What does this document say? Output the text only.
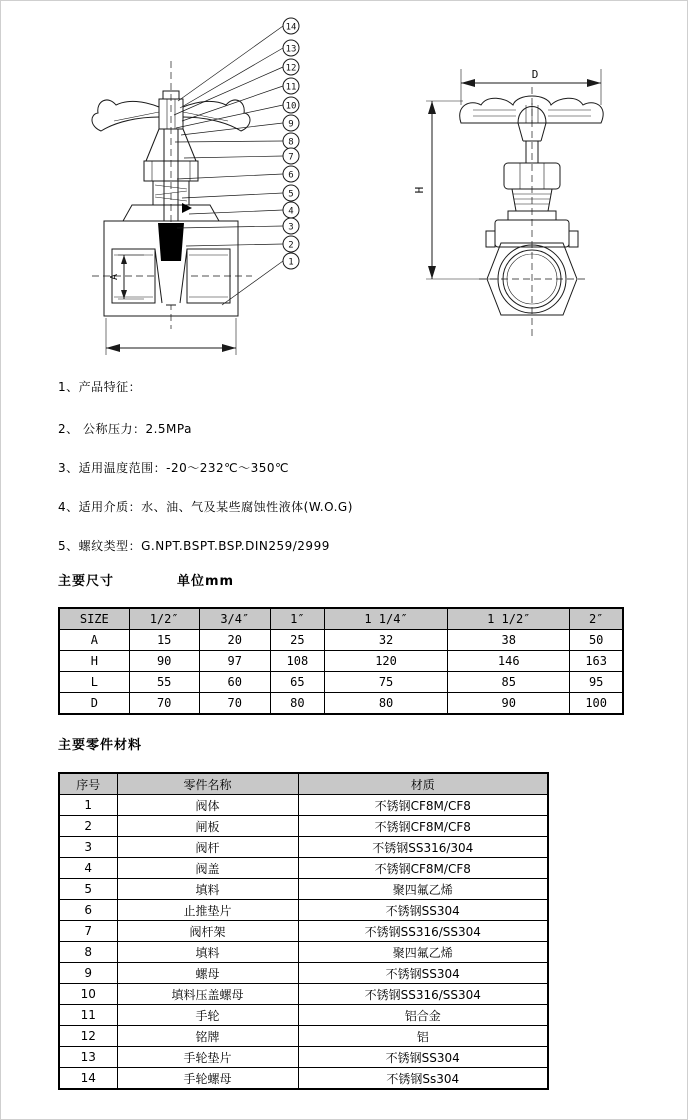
A
14
13
12
11
10
9
8
7
6
5
4
3
2
1
D
H
1、产品特征：
2、 公称压力：2.5MPa
3、适用温度范围：-20～232℃～350℃
4、适用介质：水、油、气及某些腐蚀性液体(W.O.G)
5、螺纹类型：G.NPT.BSPT.BSP.DIN259/2999
主要尺寸	单位mm
SIZE	1/2″	3/4″	1″	1 1/4″	1 1/2″	2″
A	15	20	25	32	38	50
H	90	97	108	120	146	163
L	55	60	65	75	85	95
D	70	70	80	80	90	100
主要零件材料
序号	零件名称	材质
1	阀体	不锈钢CF8M/CF8
2	闸板	不锈钢CF8M/CF8
3	阀杆	不锈钢SS316/304
4	阀盖	不锈钢CF8M/CF8
5	填料	聚四氟乙烯
6	止推垫片	不锈钢SS304
7	阀杆架	不锈钢SS316/SS304
8	填料	聚四氟乙烯
9	螺母	不锈钢SS304
10	填料压盖螺母	不锈钢SS316/SS304
11	手轮	铝合金
12	铭牌	铝
13	手轮垫片	不锈钢SS304
14	手轮螺母	不锈钢Ss304
